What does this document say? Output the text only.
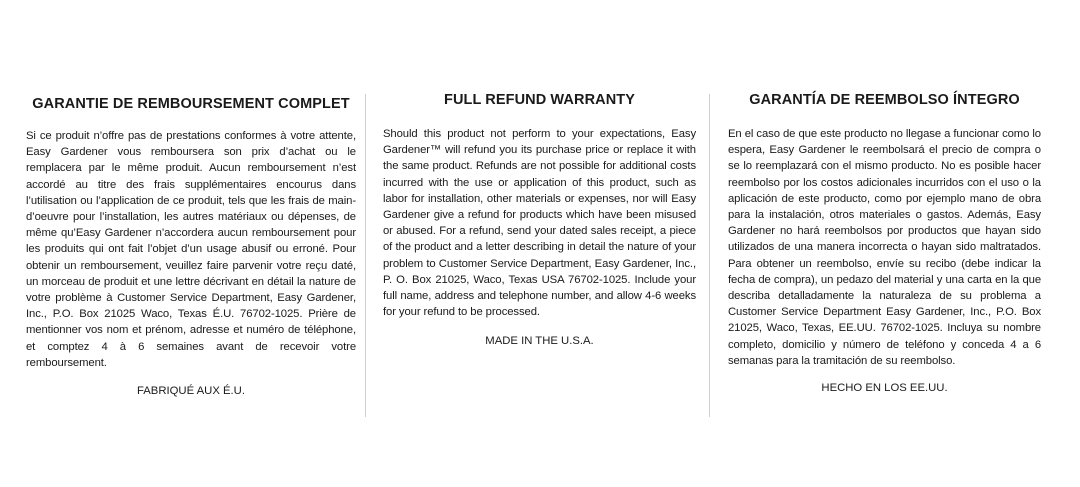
GARANTIE DE REMBOURSEMENT COMPLET

Si ce produit n’offre pas de prestations conformes à votre attente, Easy Gardener vous remboursera son prix d’achat ou le remplacera par le même produit. Aucun remboursement n’est accordé au titre des frais supplémentaires encourus dans l’utilisation ou l’application de ce produit, tels que les frais de main-d’oeuvre pour l’installation, les autres matériaux ou dépenses, de même qu’Easy Gardener n’accordera aucun remboursement pour les produits qui ont fait l’objet d’un usage abusif ou erroné. Pour obtenir un remboursement, veuillez faire parvenir votre reçu daté, un morceau de produit et une lettre décrivant en détail la nature de votre problème à Customer Service Department, Easy Gardener, Inc., P.O. Box 21025 Waco, Texas É.U. 76702-1025. Prière de mentionner vos nom et prénom, adresse et numéro de téléphone, et comptez 4 à 6 semaines avant de recevoir votre remboursement.

FABRIQUÉ AUX É.U.

FULL REFUND WARRANTY

Should this product not perform to your expectations, Easy Gardener™ will refund you its purchase price or replace it with the same product. Refunds are not possible for additional costs incurred with the use or application of this product, such as labor for installation, other materials or expenses, nor will Easy Gardener give a refund for products which have been misused or abused. For a refund, send your dated sales receipt, a piece of the product and a letter describing in detail the nature of your problem to Customer Service Department, Easy Gardener, Inc., P. O. Box 21025, Waco, Texas USA 76702-1025. Include your full name, address and telephone number, and allow 4-6 weeks for your refund to be processed.

MADE IN THE U.S.A.

GARANTÍA DE REEMBOLSO ÍNTEGRO

En el caso de que este producto no llegase a funcionar como lo espera, Easy Gardener le reembolsará el precio de compra o se lo reemplazará con el mismo producto. No es posible hacer reembolso por los costos adicionales incurridos con el uso o la aplicación de este producto, como por ejemplo mano de obra para la instalación, otros materiales o gastos. Además, Easy Gardener no hará reembolsos por productos que hayan sido utilizados de una manera incorrecta o hayan sido maltratados. Para obtener un reembolso, envíe su recibo (debe indicar la fecha de compra), un pedazo del material y una carta en la que describa detalladamente la naturaleza de su problema a Customer Service Department Easy Gardener, Inc., P.O. Box 21025, Waco, Texas, EE.UU. 76702-1025. Incluya su nombre completo, domicilio y número de teléfono y conceda 4 a 6 semanas para la tramitación de su reembolso.

HECHO EN LOS EE.UU.
